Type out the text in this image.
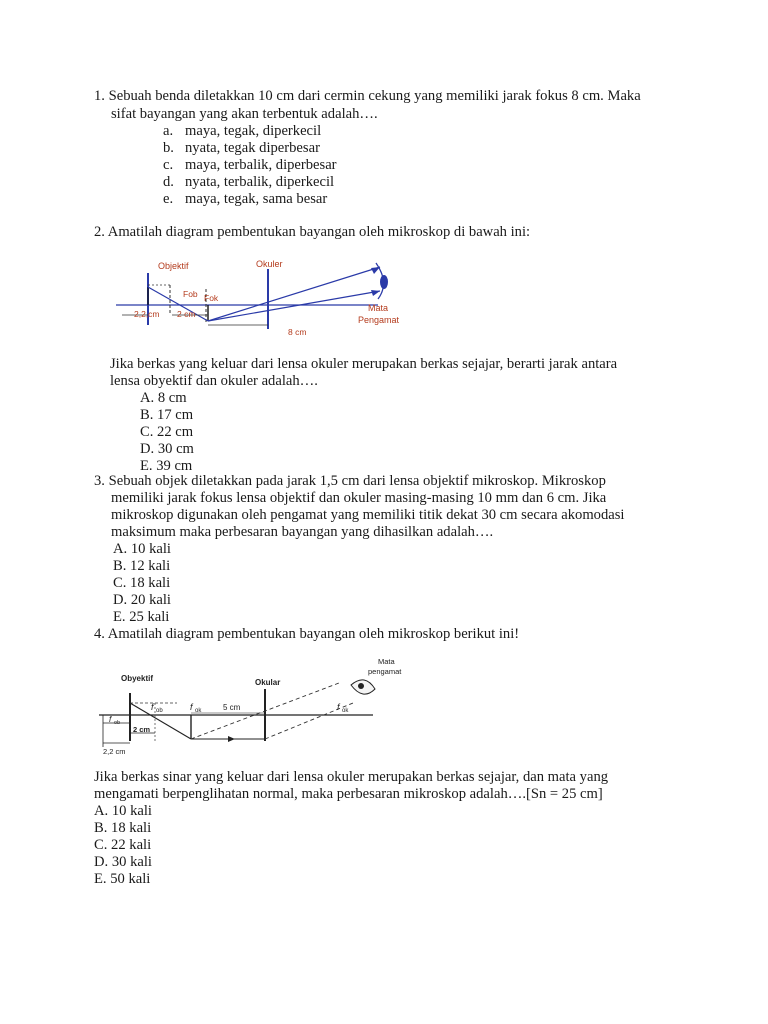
1. Sebuah benda diletakkan 10 cm dari cermin cekung yang memiliki jarak fokus 8 cm. Maka
sifat bayangan yang akan terbentuk adalah….
a. maya, tegak, diperkecil
b. nyata, tegak diperbesar
c. maya, terbalik, diperbesar
d. nyata, terbalik, diperkecil
e. maya, tegak, sama besar
2. Amatilah diagram pembentukan bayangan oleh mikroskop di bawah ini:
Objektif	Okuler
Fob Fok
2,2,cm 2 cm
8 cm
Mata
Pengamat
Jika berkas yang keluar dari lensa okuler merupakan berkas sejajar, berarti jarak antara
lensa obyektif dan okuler adalah….
A. 8 cm
B. 17 cm
C. 22 cm
D. 30 cm
E. 39 cm
3. Sebuah objek diletakkan pada jarak 1,5 cm dari lensa objektif mikroskop. Mikroskop
memiliki jarak fokus lensa objektif dan okuler masing-masing 10 mm dan 6 cm. Jika
mikroskop digunakan oleh pengamat yang memiliki titik dekat 30 cm secara akomodasi
maksimum maka perbesaran bayangan yang dihasilkan adalah….
A. 10 kali
B. 12 kali
C. 18 kali
D. 20 kali
E. 25 kali
4. Amatilah diagram pembentukan bayangan oleh mikroskop berikut ini!
Obyektif	Okular
Mata
pengamat
f ob	f ok	f ok
5 cm
f ob
2 cm
2,2 cm
Jika berkas sinar yang keluar dari lensa okuler merupakan berkas sejajar, dan mata yang
mengamati berpenglihatan normal, maka perbesaran mikroskop adalah….[Sn = 25 cm]
A. 10 kali
B. 18 kali
C. 22 kali
D. 30 kali
E. 50 kali
